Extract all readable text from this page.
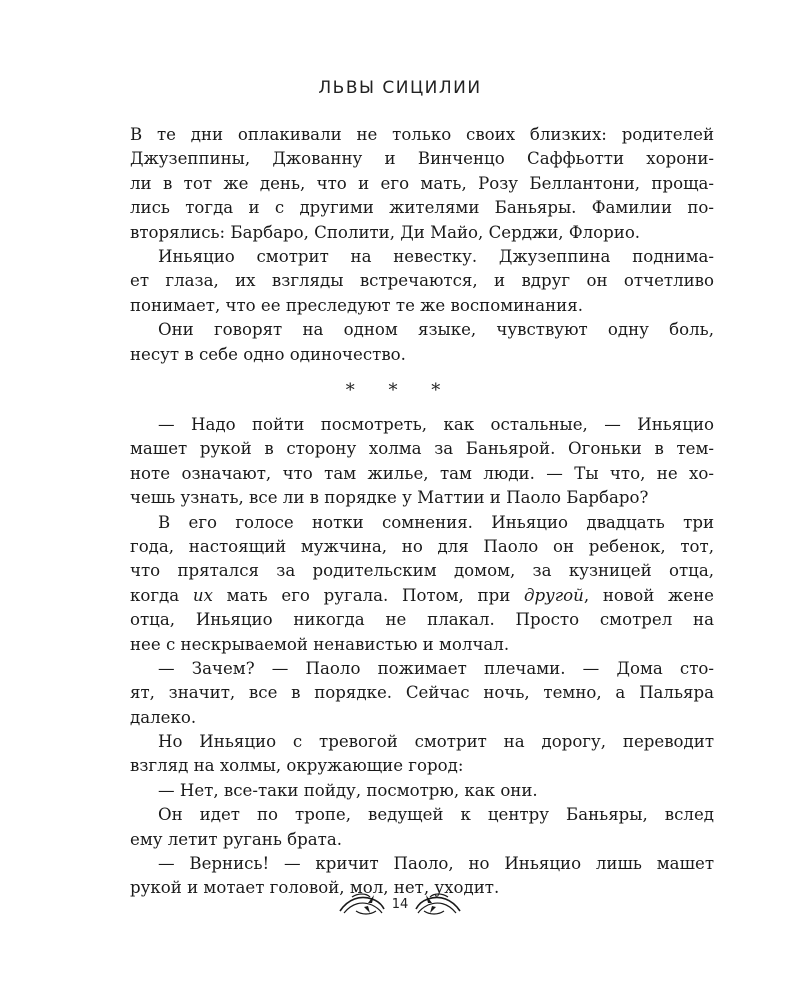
ЛЬВЫ СИЦИЛИИ
В те дни оплакивали не только своих близких: родителей
Джузеппины, Джованну и Винченцо Саффьотти хорони-
ли в тот же день, что и его мать, Розу Беллантони, проща-
лись тогда и с другими жителями Баньяры. Фамилии по-
вторялись: Барбаро, Сполити, Ди Майо, Серджи, Флорио.
Иньяцио смотрит на невестку. Джузеппина поднима-
ет глаза, их взгляды встречаются, и вдруг он отчетливо
понимает, что ее преследуют те же воспоминания.
Они говорят на одном языке, чувствуют одну боль,
несут в себе одно одиночество.
* * *
— Надо пойти посмотреть, как остальные, — Иньяцио
машет рукой в сторону холма за Баньярой. Огоньки в тем-
ноте означают, что там жилье, там люди. — Ты что, не хо-
чешь узнать, все ли в порядке у Маттии и Паоло Барбаро?
В его голосе нотки сомнения. Иньяцио двадцать три
года, настоящий мужчина, но для Паоло он ребенок, тот,
что прятался за родительским домом, за кузницей отца,
когда их мать его ругала. Потом, при другой, новой жене
отца, Иньяцио никогда не плакал. Просто смотрел на
нее с нескрываемой ненавистью и молчал.
— Зачем? — Паоло пожимает плечами. — Дома сто-
ят, значит, все в порядке. Сейчас ночь, темно, а Пальяра
далеко.
Но Иньяцио с тревогой смотрит на дорогу, переводит
взгляд на холмы, окружающие город:
— Нет, все-таки пойду, посмотрю, как они.
Он идет по тропе, ведущей к центру Баньяры, вслед
ему летит ругань брата.
— Вернись! — кричит Паоло, но Иньяцио лишь машет
рукой и мотает головой, мол, нет, уходит.
14
